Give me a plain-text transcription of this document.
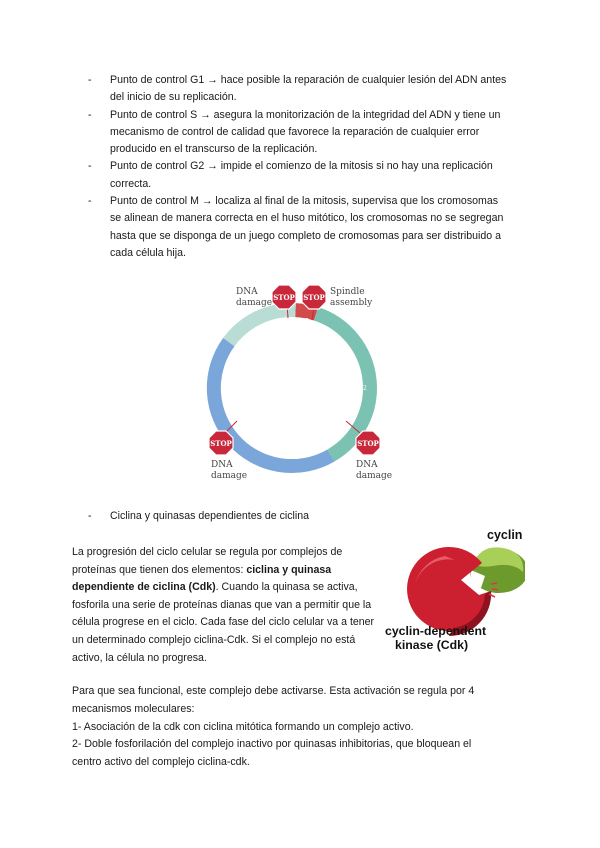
- Punto de control G1 → hace posible la reparación de cualquier lesión del ADN antes
del inicio de su replicación.
- Punto de control S → asegura la monitorización de la integridad del ADN y tiene un
mecanismo de control de calidad que favorece la reparación de cualquier error
producido en el transcurso de la replicación.
- Punto de control G2 → impide el comienzo de la mitosis si no hay una replicación
correcta.
- Punto de control M → localiza al final de la mitosis, supervisa que los cromosomas
se alinean de manera correcta en el huso mitótico, los cromosomas no se segregan
hasta que se disponga de un juego completo de cromosomas para ser distribuido a
cada célula hija.
$G_1$
M
$G_2$
S
STOP STOP
STOP	STOP
DNA
damage
Spindle
assembly
DNA
damage
DNA
damage
- Ciclina y quinasas dependientes de ciclina

La progresión del ciclo celular se regula por complejos de proteínas que tienen dos elementos: ciclina y quinasa dependiente de ciclina (Cdk). Cuando la quinasa se activa, fosforila una serie de proteínas dianas que van a permitir que la célula progrese en el ciclo. Cada fase del ciclo celular va a tener un determinado complejo ciclina-Cdk. Si el complejo no está activo, la célula no progresa.

cyclin
cyclin-dependent
kinase (Cdk)
Para que sea funcional, este complejo debe activarse. Esta activación se regula por 4
mecanismos moleculares:
1- Asociación de la cdk con ciclina mitótica formando un complejo activo.
2- Doble fosforilación del complejo inactivo por quinasas inhibitorias, que bloquean el
centro activo del complejo ciclina-cdk.
